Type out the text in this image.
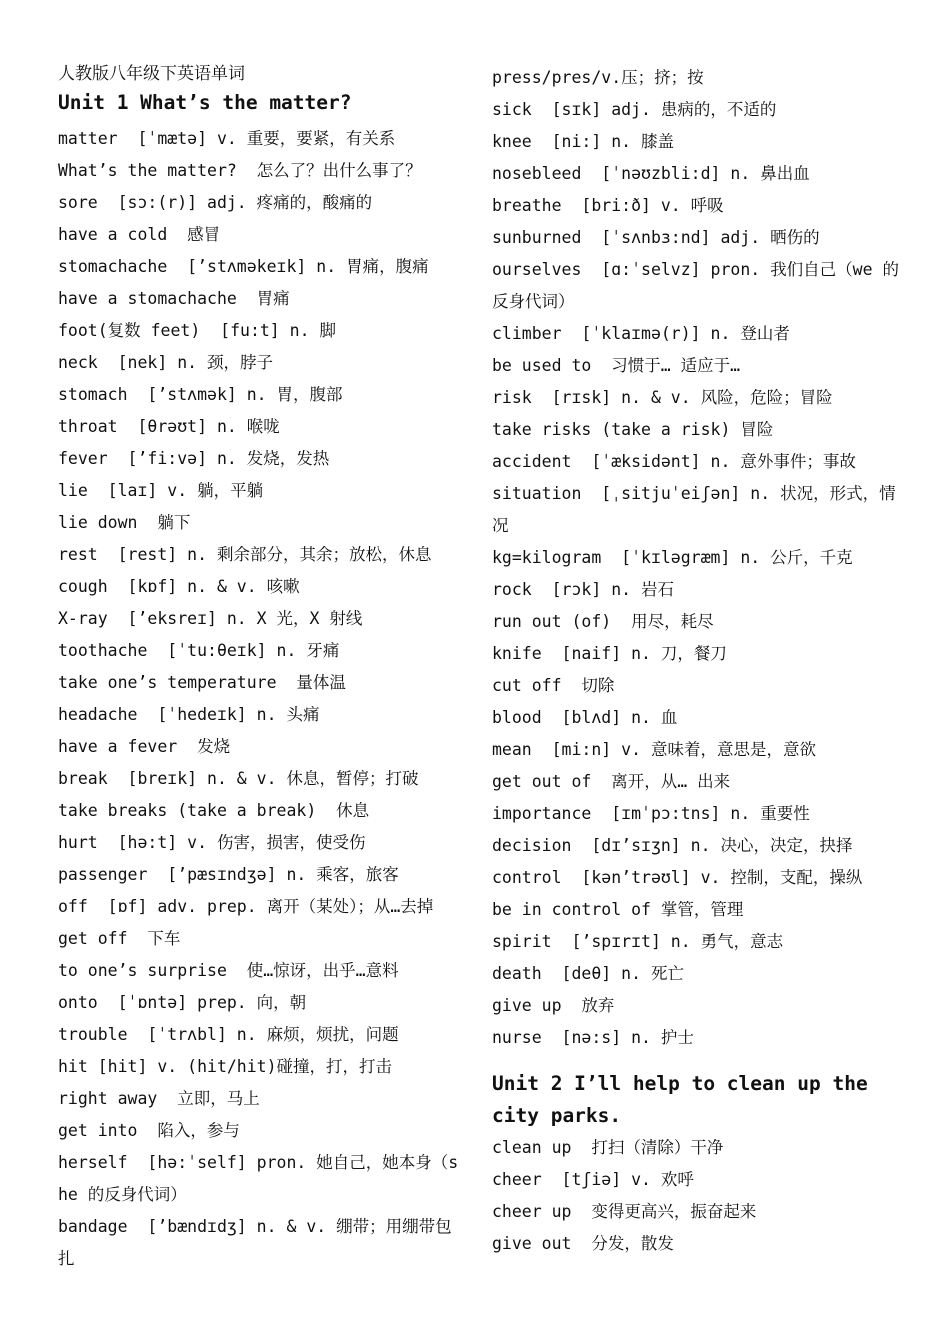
人教版八年级下英语单词
Unit 1 What’s the matter?
matter  [ˈmætə] v. 重要，要紧，有关系
What’s the matter?  怎么了？出什么事了？
sore  [sɔ:(r)] adj. 疼痛的，酸痛的
have a cold  感冒
stomachache  [’stʌməkeɪk] n. 胃痛，腹痛
have a stomachache  胃痛
foot(复数 feet)  [fu:t] n. 脚
neck  [nek] n. 颈，脖子
stomach  [’stʌmək] n. 胃，腹部
throat  [θrəʊt] n. 喉咙
fever  [’fi:və] n. 发烧，发热
lie  [laɪ] v. 躺，平躺
lie down  躺下
rest  [rest] n. 剩余部分，其余；放松，休息
cough  [kɒf] n. & v. 咳嗽
X-ray  [’eksreɪ] n. X 光，X 射线
toothache  [ˈtu:θeɪk] n. 牙痛
take one’s temperature  量体温
headache  [ˈhedeɪk] n. 头痛
have a fever  发烧
break  [breɪk] n. & v. 休息，暂停；打破
take breaks (take a break)  休息
hurt  [hə:t] v. 伤害，损害，使受伤
passenger  [’pæsɪndʒə] n. 乘客，旅客
off  [ɒf] adv. prep. 离开（某处）；从…去掉
get off  下车
to one’s surprise  使…惊讶，出乎…意料
onto  [ˈɒntə] prep. 向，朝
trouble  [ˈtrʌbl] n. 麻烦，烦扰，问题
hit [hit] v. (hit/hit)碰撞，打，打击
right away  立即，马上
get into  陷入，参与
herself  [hə:ˈself] pron. 她自己，她本身（she 的反身代词）
bandage  [’bændɪdʒ] n. & v. 绷带；用绷带包扎
press/pres/v.压；挤；按
sick  [sɪk] adj. 患病的，不适的
knee  [ni:] n. 膝盖
nosebleed  [ˈnəʊzbli:d] n. 鼻出血
breathe  [bri:ð] v. 呼吸
sunburned  [ˈsʌnbɜ:nd] adj. 晒伤的
ourselves  [ɑ:ˈselvz] pron. 我们自己（we 的反身代词）
climber  [ˈklaɪmə(r)] n. 登山者
be used to  习惯于… 适应于…
risk  [rɪsk] n. & v. 风险，危险；冒险
take risks (take a risk) 冒险
accident  [ˈæksidənt] n. 意外事件；事故
situation  [ˌsitjuˈeiʃən] n. 状况，形式，情况
kg=kilogram  [ˈkɪləgræm] n. 公斤，千克
rock  [rɔk] n. 岩石
run out (of)  用尽，耗尽
knife  [naif] n. 刀，餐刀
cut off  切除
blood  [blʌd] n. 血
mean  [mi:n] v. 意味着，意思是，意欲
get out of  离开，从… 出来
importance  [ɪmˈpɔ:tns] n. 重要性
decision  [dɪ’sɪʒn] n. 决心，决定，抉择
control  [kən’trəʊl] v. 控制，支配，操纵
be in control of 掌管，管理
spirit  [’spɪrɪt] n. 勇气，意志
death  [deθ] n. 死亡
give up  放弃
nurse  [nə:s] n. 护士
Unit 2 I’ll help to clean up the city parks.
clean up  打扫（清除）干净
cheer  [tʃiə] v. 欢呼
cheer up  变得更高兴，振奋起来
give out  分发，散发
